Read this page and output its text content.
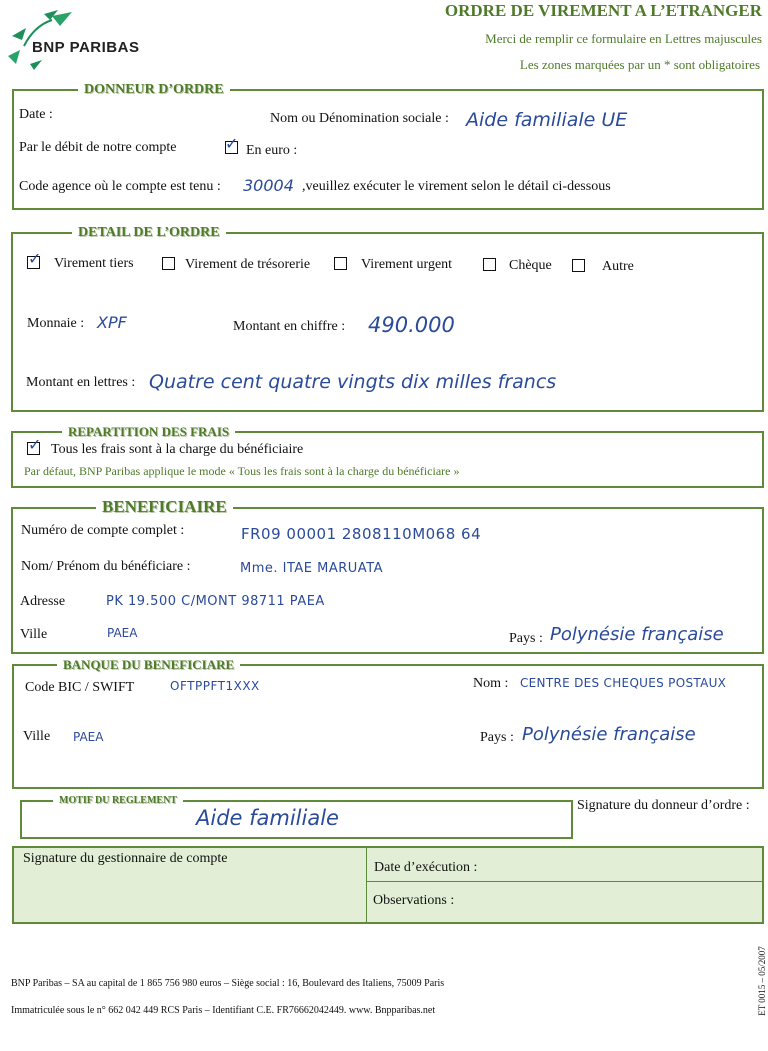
BNP PARIBAS
ORDRE DE VIREMENT A L’ETRANGER
Merci de remplir ce formulaire en Lettres majuscules
Les zones marquées par un * sont obligatoires
DONNEUR D’ORDRE
Date :	Nom ou Dénomination sociale : Aide familiale UE
Par le débit de notre compte	✓ En euro :
Code agence où le compte est tenu : 30004 ,veuillez exécuter le virement selon le détail ci-dessous
DETAIL DE L’ORDRE
✓ Virement tiers	Virement de trésorerie	Virement urgent	Chèque	Autre
Monnaie : XPF	Montant en chiffre : 490.000
Montant en lettres : Quatre cent quatre vingts dix milles francs
REPARTITION DES FRAIS
✓ Tous les frais sont à la charge du bénéficiaire
Par défaut, BNP Paribas applique le mode « Tous les frais sont à la charge du bénéficiare »
BENEFICIAIRE
Numéro de compte complet :	FR09 00001 2808110M068 64
Nom/ Prénom du bénéficiare :	Mme. ITAE MARUATA
Adresse	PK 19.500 C/MONT 98711 PAEA
Ville	PAEA	Pays : Polynésie française
BANQUE DU BENEFICIARE
Code BIC / SWIFT	OFTPPFT1XXX	Nom : CENTRE DES CHEQUES POSTAUX
Ville PAEA	Pays : Polynésie française
MOTIF DU REGLEMENT
Aide familiale
Signature du donneur d’ordre :
Signature du gestionnaire de compte
Date d’exécution :
Observations :
BNP Paribas – SA au capital de 1 865 756 980 euros – Siège social : 16, Boulevard des Italiens, 75009 Paris
Immatriculée sous le n° 662 042 449 RCS Paris – Identifiant C.E. FR76662042449. www. Bnpparibas.net	ET 0015 – 05/2007
